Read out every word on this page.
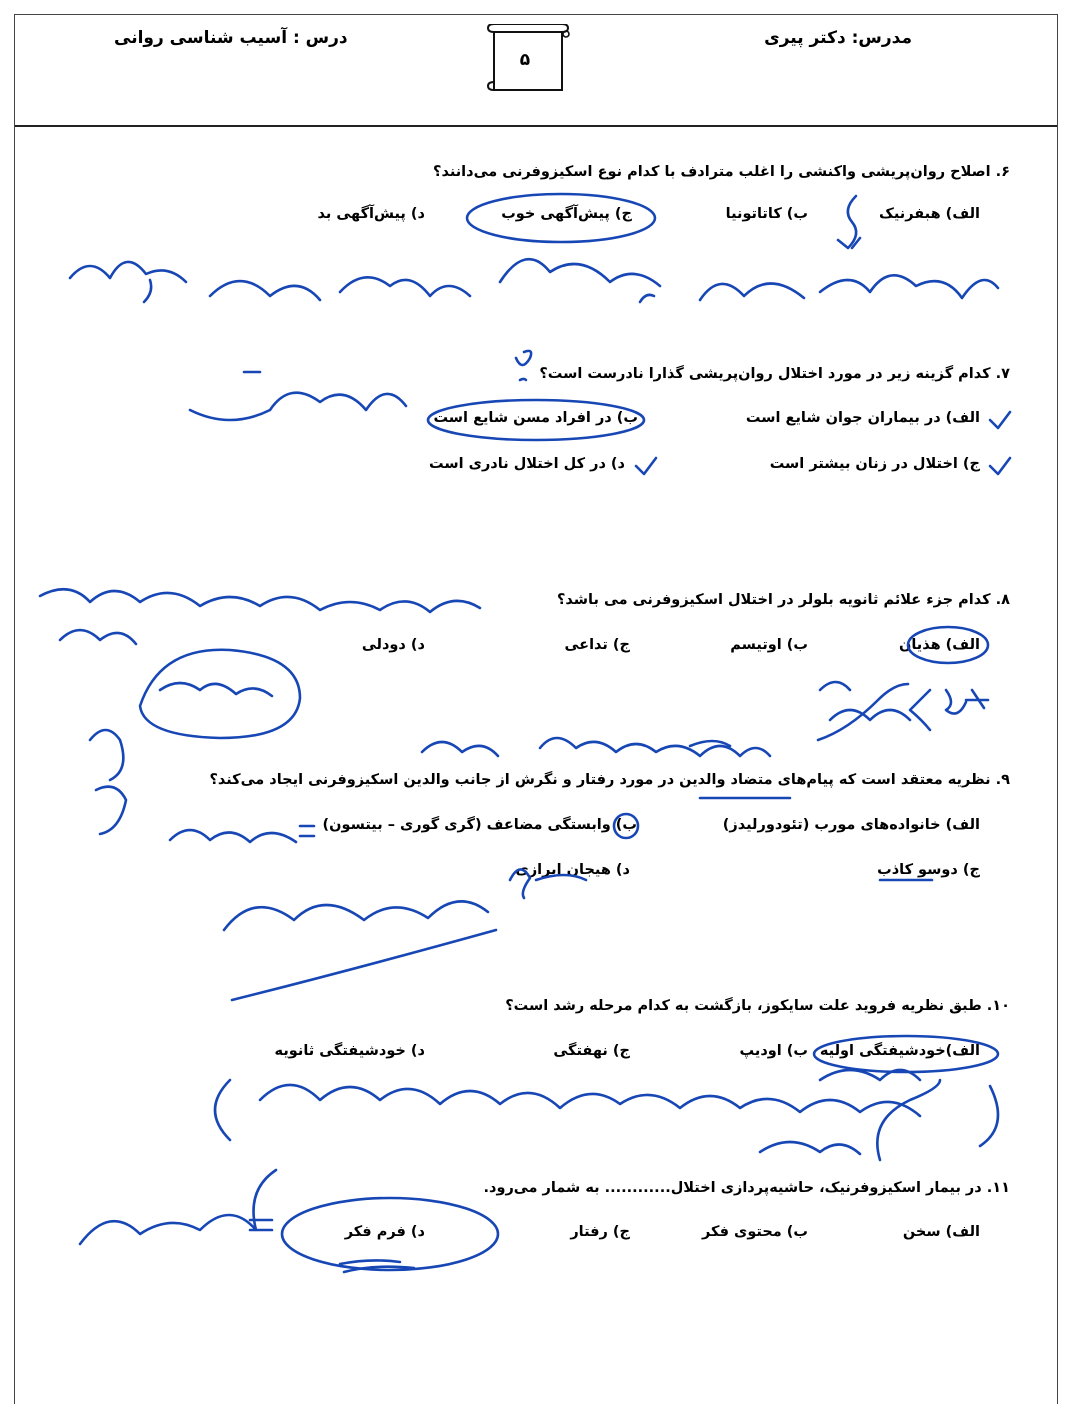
مدرس: دکتر پیری
درس : آسیب شناسی روانی
۵
۶. اصلاح روان‌پریشی واکنشی را اغلب مترادف با کدام نوع اسکیزوفرنی می‌دانند؟
الف) هبفرنیک
ب) کاتاتونیا
ج) پیش‌آگهی خوب
د) پیش‌آگهی بد
۷. کدام گزینه زیر در مورد اختلال روان‌پریشی گذارا نادرست است؟
الف) در بیماران جوان شایع است
ب) در افراد مسن شایع است
ج) اختلال در زنان بیشتر است
د) در کل اختلال نادری است
۸. کدام جزء علائم ثانویه بلولر در اختلال اسکیزوفرنی می باشد؟
الف) هذیان
ب) اوتیسم
ج) تداعی
د) دودلی
۹. نظریه معتقد است که پیام‌های متضاد والدین در مورد رفتار و نگرش از جانب والدین اسکیزوفرنی ایجاد می‌کند؟
الف) خانواده‌های مورب (تئودورلیدز)
ب) وابستگی مضاعف (گری گوری – بیتسون)
ج) دوسو کاذب
د) هیجان ابرازی
۱۰. طبق نظریه فروید علت سایکوز، بازگشت به کدام مرحله رشد است؟
الف)خودشیفتگی اولیه
ب) اودیپ
ج) نهفتگی
د) خودشیفتگی ثانویه
۱۱. در بیمار اسکیزوفرنیک، حاشیه‌پردازی اختلال............ به شمار می‌رود.
الف) سخن
ب) محتوی فکر
ج) رفتار
د) فرم فکر
